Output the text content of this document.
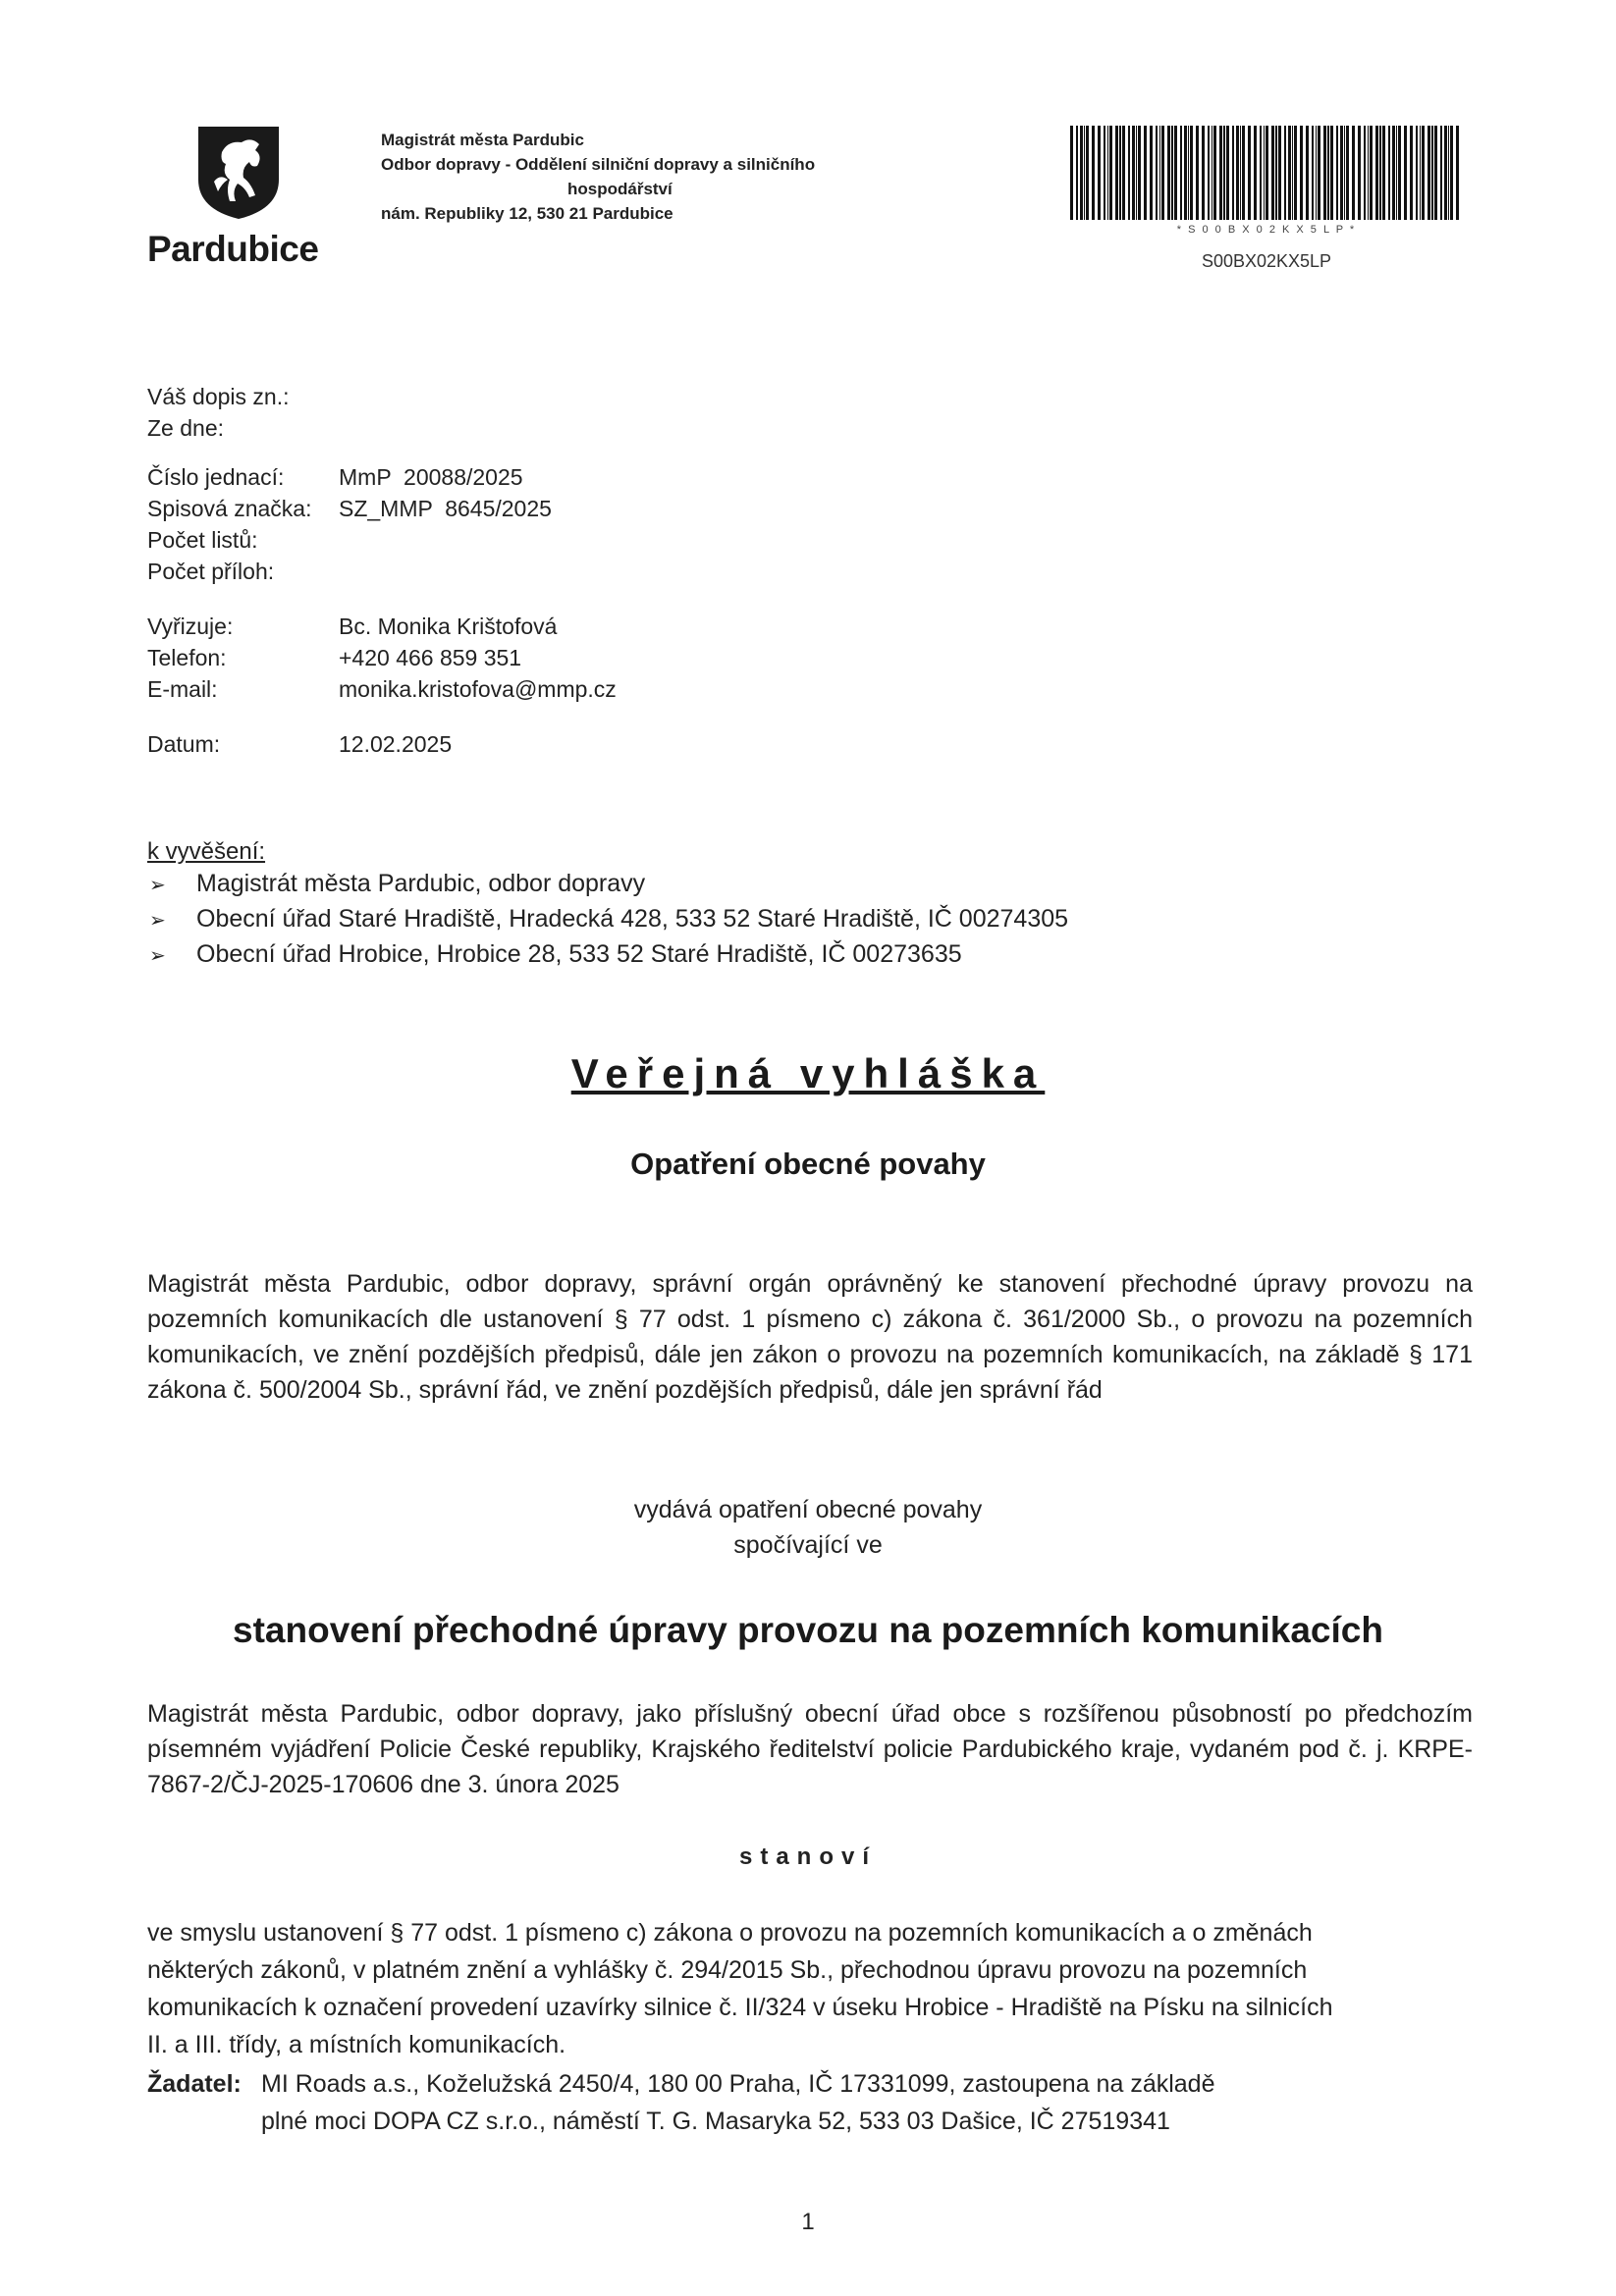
Pardubice
Magistrát města Pardubic
Odbor dopravy - Oddělení silniční dopravy a silničního
hospodářství
nám. Republiky 12, 530 21 Pardubice
* S 0 0 B X 0 2 K X 5 L P *
S00BX02KX5LP
Váš dopis zn.:
Ze dne:
Číslo jednací: MmP  20088/2025
Spisová značka: SZ_MMP  8645/2025
Počet listů:
Počet příloh:
Vyřizuje:	Bc. Monika Krištofová
Telefon:	+420 466 859 351
E-mail:	monika.kristofova@mmp.cz
Datum:	12.02.2025
k vyvěšení:
➢ Magistrát města Pardubic, odbor dopravy
➢ Obecní úřad Staré Hradiště, Hradecká 428, 533 52 Staré Hradiště, IČ 00274305
➢ Obecní úřad Hrobice, Hrobice 28, 533 52 Staré Hradiště, IČ 00273635
Veřejná vyhláška
Opatření obecné povahy
Magistrát města Pardubic, odbor dopravy, správní orgán oprávněný ke stanovení přechodné úpravy provozu na pozemních komunikacích dle ustanovení § 77 odst. 1 písmeno c) zákona č. 361/2000 Sb., o provozu na pozemních komunikacích, ve znění pozdějších předpisů, dále jen zákon o provozu na pozemních komunikacích, na základě § 171 zákona č. 500/2004 Sb., správní řád, ve znění pozdějších předpisů, dále jen správní řád
vydává opatření obecné povahy
spočívající ve
stanovení přechodné úpravy provozu na pozemních komunikacích
Magistrát města Pardubic, odbor dopravy, jako příslušný obecní úřad obce s rozšířenou působností po předchozím písemném vyjádření Policie České republiky, Krajského ředitelství policie Pardubického kraje, vydaném pod č. j. KRPE-7867-2/ČJ-2025-170606 dne 3. února 2025
stanoví
ve smyslu ustanovení § 77 odst. 1 písmeno c) zákona o provozu na pozemních komunikacích a o změnách
některých zákonů, v platném znění a vyhlášky č. 294/2015 Sb., přechodnou úpravu provozu na pozemních
komunikacích k označení provedení uzavírky silnice č. II/324 v úseku Hrobice - Hradiště na Písku na silnicích
II. a III. třídy, a místních komunikacích.
Žadatel: MI Roads a.s., Koželužská 2450/4, 180 00 Praha, IČ 17331099, zastoupena na základě
plné moci DOPA CZ s.r.o., náměstí T. G. Masaryka 52, 533 03 Dašice, IČ 27519341
1
